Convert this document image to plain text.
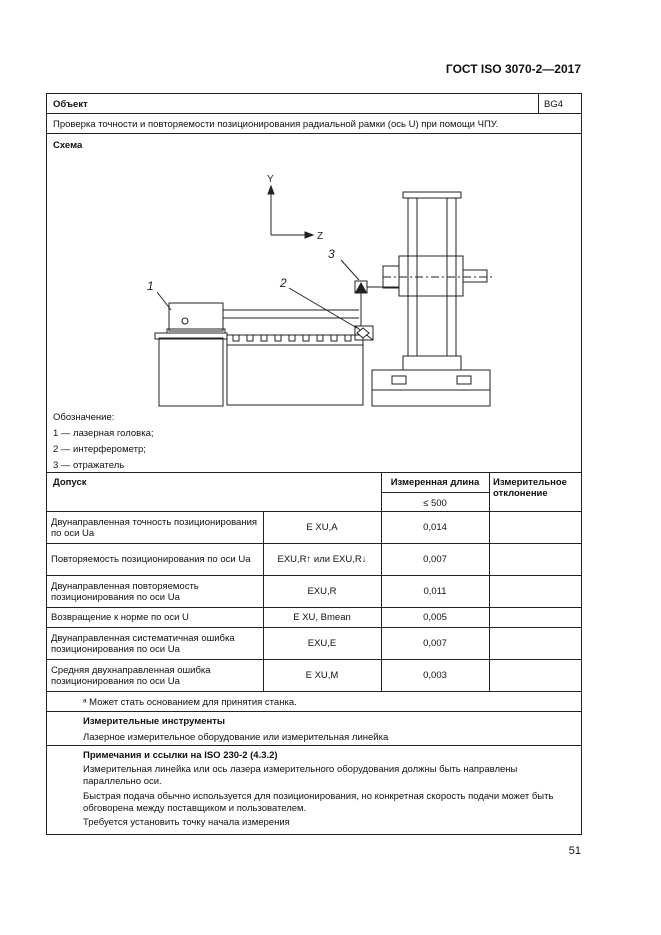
ГОСТ ISO 3070-2—2017
Объект	BG4
Проверка точности и повторяемости позиционирования радиальной рамки (ось U) при помощи ЧПУ.
Схема
Y
Z
1	2
3
Обозначение:
1 — лазерная головка;
2 — интерферометр;
3 — отражатель
Допуск	Измеренная длина
≤ 500
Измерительное отклонение
Двунаправленная точность позиционирования по оси Ua	E XU,A	0,014
Повторяемость позиционирования по оси Ua	EXU,R↑ или EXU,R↓	0,007
Двунаправленная повторяемость позиционирования по оси Ua	EXU,R	0,011
Возвращение к норме по оси U	E XU, Bmean	0,005
Двунаправленная систематичная ошибка позиционирования по оси Ua	EXU,E	0,007
Средняя двухнаправленная ошибка позиционирования по оси Ua	E XU,M	0,003
ᵃ Может стать основанием для принятия станка.
Измерительные инструменты
Лазерное измерительное оборудование или измерительная линейка
Примечания и ссылки на ISO 230-2 (4.3.2)
Измерительная линейка или ось лазера измерительного оборудования должны быть направлены параллельно оси.
Быстрая подача обычно используется для позиционирования, но конкретная скорость подачи может быть обговорена между поставщиком и пользователем.
Требуется установить точку начала измерения
51
